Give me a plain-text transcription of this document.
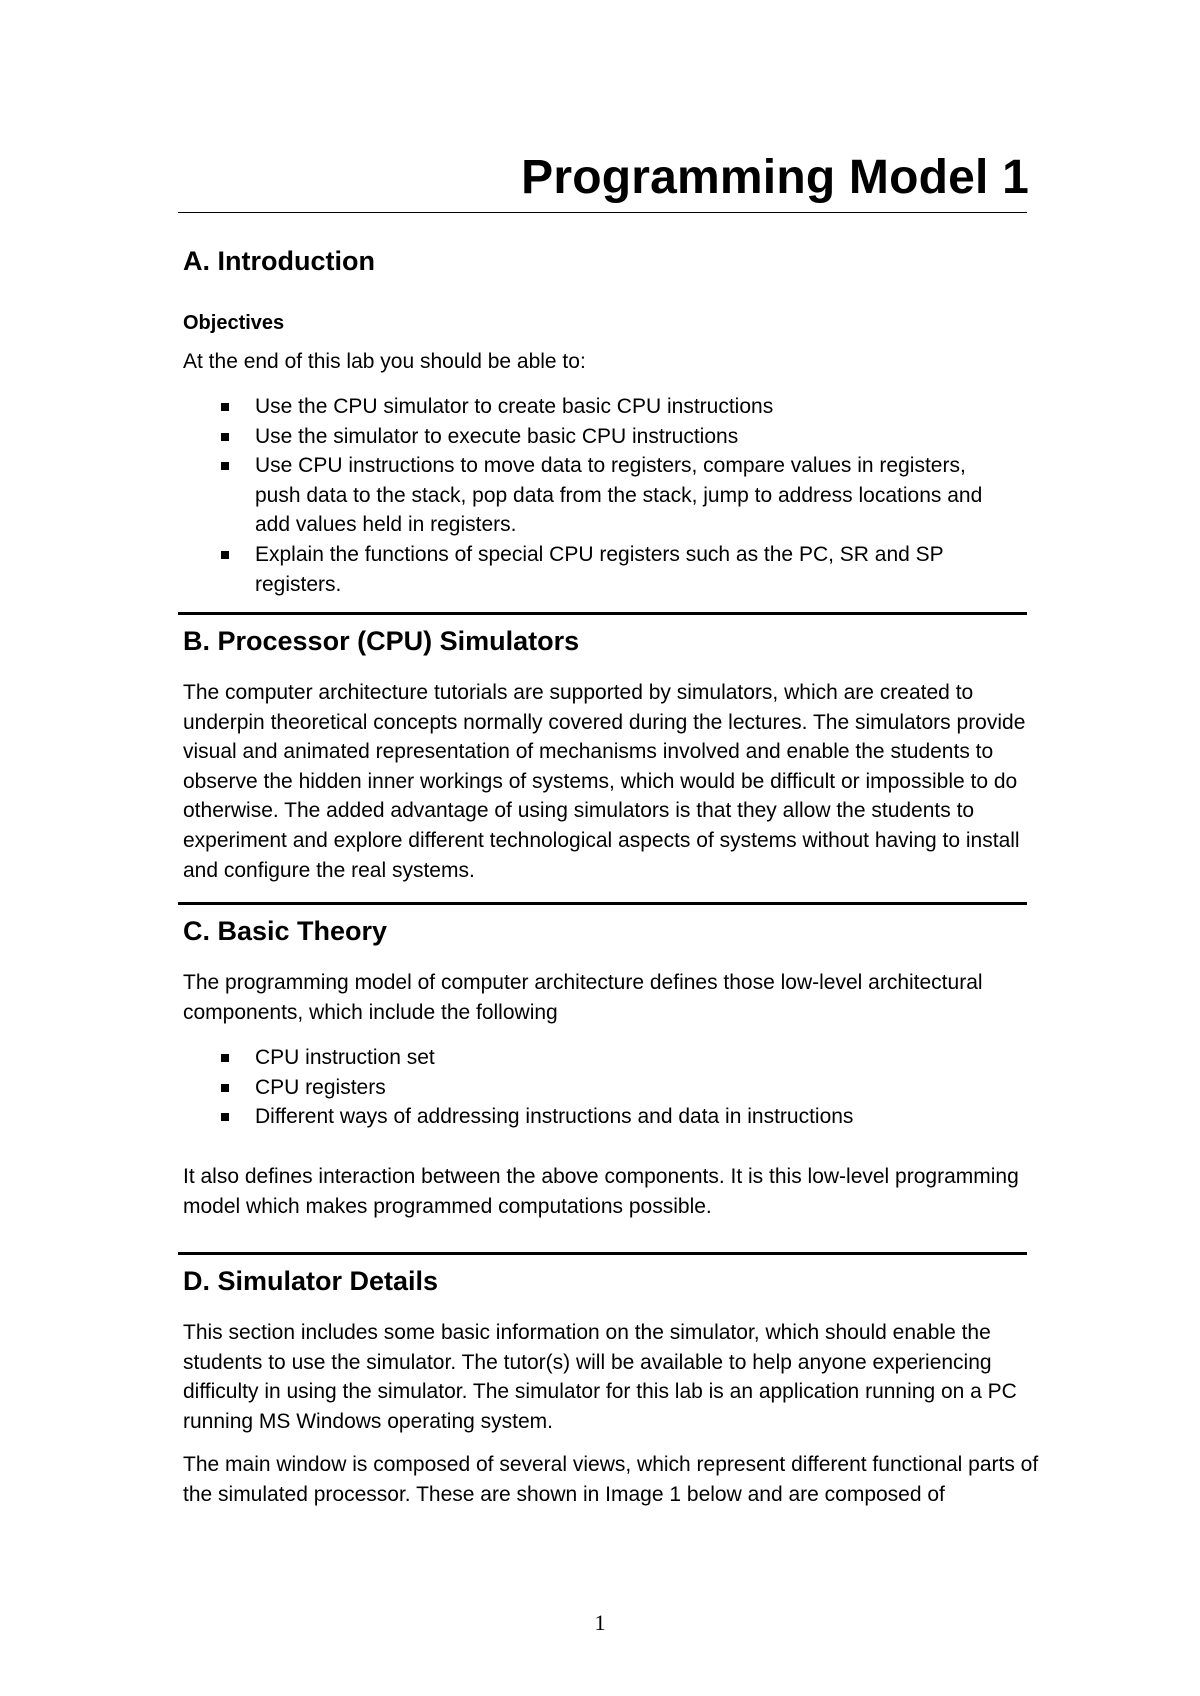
Programming Model 1
A. Introduction
Objectives

At the end of this lab you should be able to:

Use the CPU simulator to create basic CPU instructions
Use the simulator to execute basic CPU instructions
Use CPU instructions to move data to registers, compare values in registers, push data to the stack, pop data from the stack, jump to address locations and add values held in registers.
Explain the functions of special CPU registers such as the PC, SR and SP registers.
B. Processor (CPU) Simulators

The computer architecture tutorials are supported by simulators, which are created to underpin theoretical concepts normally covered during the lectures. The simulators provide visual and animated representation of mechanisms involved and enable the students to observe the hidden inner workings of systems, which would be difficult or impossible to do otherwise. The added advantage of using simulators is that they allow the students to experiment and explore different technological aspects of systems without having to install and configure the real systems.

C. Basic Theory

The programming model of computer architecture defines those low-level architectural components, which include the following

CPU instruction set
CPU registers
Different ways of addressing instructions and data in instructions

It also defines interaction between the above components. It is this low-level programming model which makes programmed computations possible.

D. Simulator Details

This section includes some basic information on the simulator, which should enable the students to use the simulator. The tutor(s) will be available to help anyone experiencing difficulty in using the simulator. The simulator for this lab is an application running on a PC running MS Windows operating system.

The main window is composed of several views, which represent different functional parts of the simulated processor. These are shown in Image 1 below and are composed of

1
